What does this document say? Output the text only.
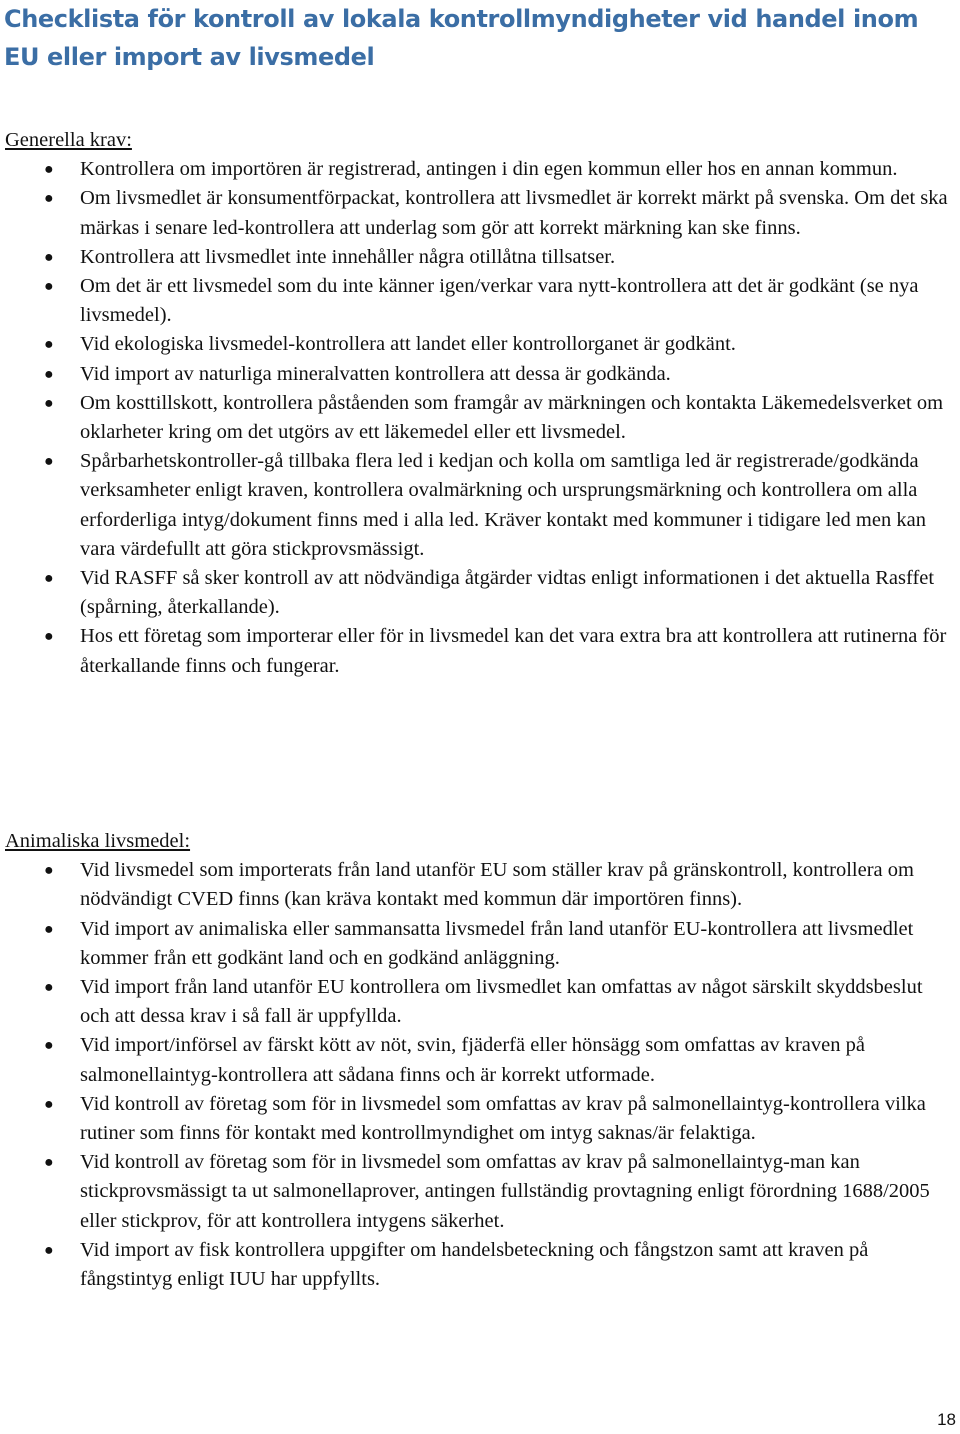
Checklista för kontroll av lokala kontrollmyndigheter vid handel inom EU eller import av livsmedel
Generella krav:
● Kontrollera om importören är registrerad, antingen i din egen kommun eller hos en annan kommun.
● Om livsmedlet är konsumentförpackat, kontrollera att livsmedlet är korrekt märkt på svenska. Om det ska märkas i senare led-kontrollera att underlag som gör att korrekt märkning kan ske finns.
● Kontrollera att livsmedlet inte innehåller några otillåtna tillsatser.
● Om det är ett livsmedel som du inte känner igen/verkar vara nytt-kontrollera att det är godkänt (se nya livsmedel).
● Vid ekologiska livsmedel-kontrollera att landet eller kontrollorganet är godkänt.
● Vid import av naturliga mineralvatten kontrollera att dessa är godkända.
● Om kosttillskott, kontrollera påståenden som framgår av märkningen och kontakta Läkemedelsverket om oklarheter kring om det utgörs av ett läkemedel eller ett livsmedel.
● Spårbarhetskontroller-gå tillbaka flera led i kedjan och kolla om samtliga led är registrerade/godkända verksamheter enligt kraven, kontrollera ovalmärkning och ursprungsmärkning och kontrollera om alla erforderliga intyg/dokument finns med i alla led. Kräver kontakt med kommuner i tidigare led men kan vara värdefullt att göra stickprovsmässigt.
● Vid RASFF så sker kontroll av att nödvändiga åtgärder vidtas enligt informationen i det aktuella Rasffet (spårning, återkallande).
● Hos ett företag som importerar eller för in livsmedel kan det vara extra bra att kontrollera att rutinerna för återkallande finns och fungerar.
Animaliska livsmedel:
● Vid livsmedel som importerats från land utanför EU som ställer krav på gränskontroll, kontrollera om nödvändigt CVED finns (kan kräva kontakt med kommun där importören finns).
● Vid import av animaliska eller sammansatta livsmedel från land utanför EU-kontrollera att livsmedlet kommer från ett godkänt land och en godkänd anläggning.
● Vid import från land utanför EU kontrollera om livsmedlet kan omfattas av något särskilt skyddsbeslut och att dessa krav i så fall är uppfyllda.
● Vid import/införsel av färskt kött av nöt, svin, fjäderfä eller hönsägg som omfattas av kraven på salmonellaintyg-kontrollera att sådana finns och är korrekt utformade.
● Vid kontroll av företag som för in livsmedel som omfattas av krav på salmonellaintyg-kontrollera vilka rutiner som finns för kontakt med kontrollmyndighet om intyg saknas/är felaktiga.
● Vid kontroll av företag som för in livsmedel som omfattas av krav på salmonellaintyg-man kan stickprovsmässigt ta ut salmonellaprover, antingen fullständig provtagning enligt förordning 1688/2005 eller stickprov, för att kontrollera intygens säkerhet.
● Vid import av fisk kontrollera uppgifter om handelsbeteckning och fångstzon samt att kraven på fångstintyg enligt IUU har uppfyllts.
18
